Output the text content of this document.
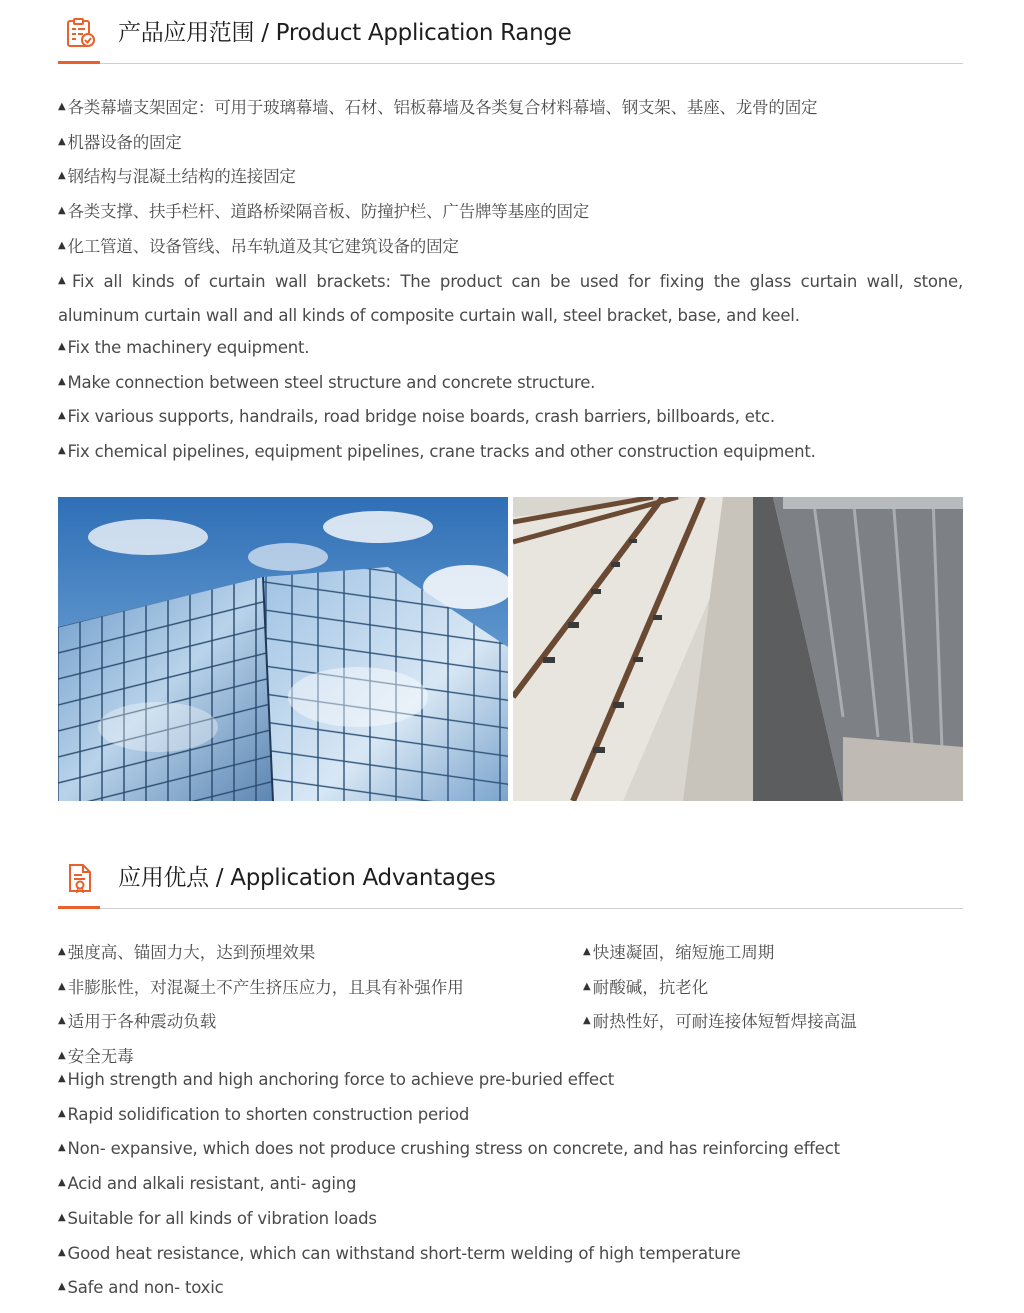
产品应用范围 / Product Application Range
▲ 各类幕墙支架固定：可用于玻璃幕墙、石材、铝板幕墙及各类复合材料幕墙、钢支架、基座、龙骨的固定
▲ 机器设备的固定
▲ 钢结构与混凝土结构的连接固定
▲ 各类支撑、扶手栏杆、道路桥梁隔音板、防撞护栏、广告牌等基座的固定
▲ 化工管道、设备管线、吊车轨道及其它建筑设备的固定
▲ Fix all kinds of curtain wall brackets: The product can be used for fixing the glass curtain wall, stone, aluminum curtain wall and all kinds of composite curtain wall, steel bracket, base, and keel.
▲ Fix the machinery equipment.
▲ Make connection between steel structure and concrete structure.
▲ Fix various supports, handrails, road bridge noise boards, crash barriers, billboards, etc.
▲ Fix chemical pipelines, equipment pipelines, crane tracks and other construction equipment.
应用优点 / Application Advantages
▲ 强度高、锚固力大，达到预埋效果
▲ 非膨胀性，对混凝土不产生挤压应力，且具有补强作用
▲ 适用于各种震动负载
▲ 安全无毒
▲ 快速凝固，缩短施工周期
▲ 耐酸碱，抗老化
▲ 耐热性好，可耐连接体短暂焊接高温
▲ High strength and high anchoring force to achieve pre-buried effect
▲ Rapid solidification to shorten construction period
▲ Non- expansive, which does not produce crushing stress on concrete, and has reinforcing effect
▲ Acid and alkali resistant, anti- aging
▲ Suitable for all kinds of vibration loads
▲ Good heat resistance, which can withstand short-term welding of high temperature
▲ Safe and non- toxic
